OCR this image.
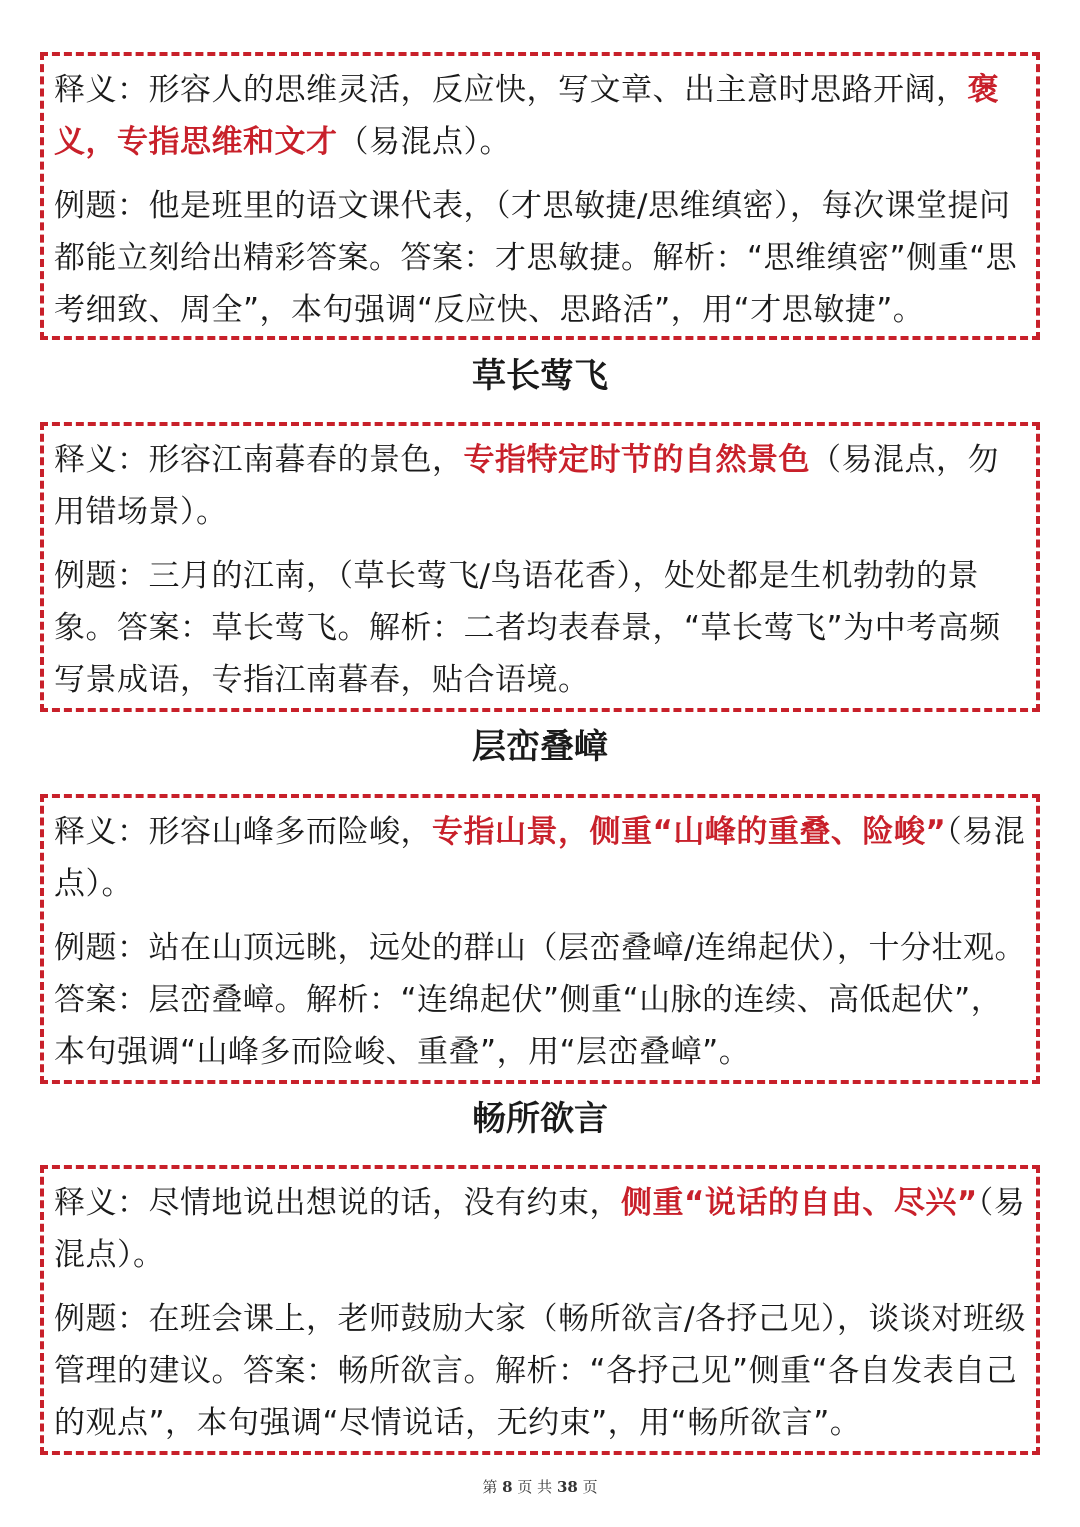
释义：形容人的思维灵活，反应快，写文章、出主意时思路开阔，褒义，专指思维和文才（易混点）。

例题：他是班里的语文课代表，（才思敏捷/思维缜密），每次课堂提问都能立刻给出精彩答案。答案：才思敏捷。解析：“思维缜密”侧重“思考细致、周全”，本句强调“反应快、思路活”，用“才思敏捷”。

草长莺飞

释义：形容江南暮春的景色，专指特定时节的自然景色（易混点，勿用错场景）。

例题：三月的江南，（草长莺飞/鸟语花香），处处都是生机勃勃的景象。答案：草长莺飞。解析：二者均表春景，“草长莺飞”为中考高频写景成语，专指江南暮春，贴合语境。

层峦叠嶂

释义：形容山峰多而险峻，专指山景，侧重“山峰的重叠、险峻”（易混点）。

例题：站在山顶远眺，远处的群山（层峦叠嶂/连绵起伏），十分壮观。答案：层峦叠嶂。解析：“连绵起伏”侧重“山脉的连续、高低起伏”，本句强调“山峰多而险峻、重叠”，用“层峦叠嶂”。

畅所欲言

释义：尽情地说出想说的话，没有约束，侧重“说话的自由、尽兴”（易混点）。

例题：在班会课上，老师鼓励大家（畅所欲言/各抒己见），谈谈对班级管理的建议。答案：畅所欲言。解析：“各抒己见”侧重“各自发表自己的观点”，本句强调“尽情说话，无约束”，用“畅所欲言”。

第 8 页 共 38 页
